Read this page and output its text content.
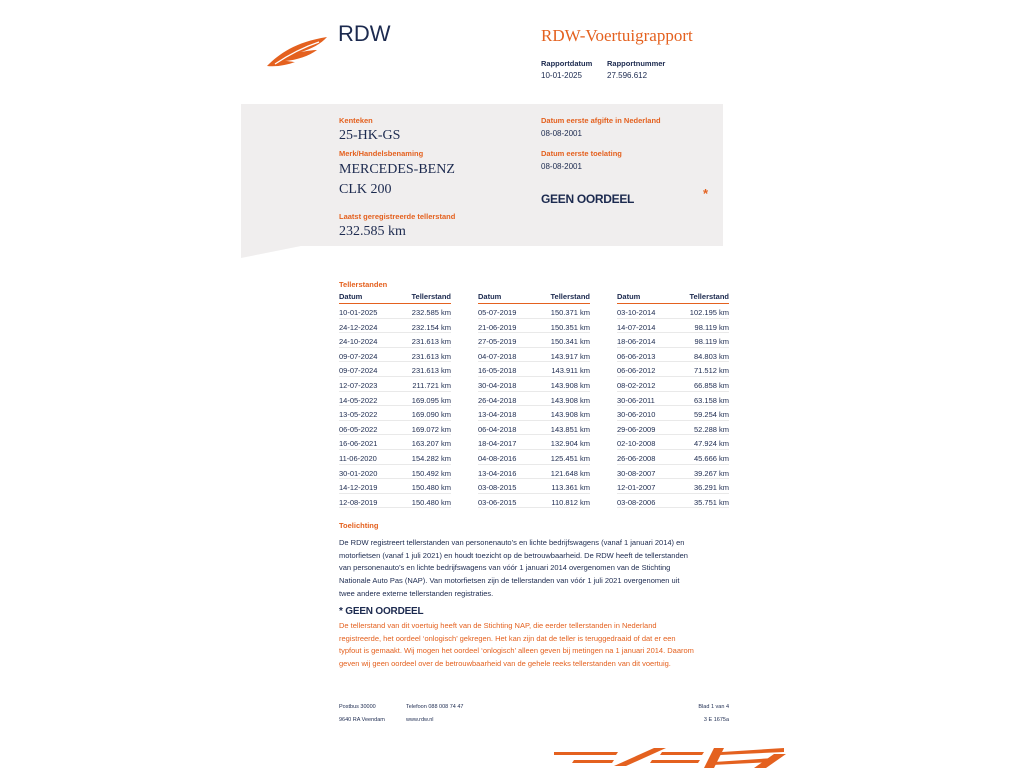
RDW	RDW-Voertuigrapport
Rapportdatum
10-01-2025
Rapportnummer
27.596.612
Kenteken
25-HK-GS
Merk/Handelsbenaming
MERCEDES-BENZ
CLK 200
Laatst geregistreerde tellerstand
232.585 km
Datum eerste afgifte in Nederland
08-08-2001
Datum eerste toelating
08-08-2001
GEEN OORDEEL	*
Tellerstanden
Datum	Tellerstand
10-01-2025	232.585 km
24-12-2024	232.154 km
24-10-2024	231.613 km
09-07-2024	231.613 km
09-07-2024	231.613 km
12-07-2023	211.721 km
14-05-2022	169.095 km
13-05-2022	169.090 km
06-05-2022	169.072 km
16-06-2021	163.207 km
11-06-2020	154.282 km
30-01-2020	150.492 km
14-12-2019	150.480 km
12-08-2019	150.480 km
Datum	Tellerstand
05-07-2019	150.371 km
21-06-2019	150.351 km
27-05-2019	150.341 km
04-07-2018	143.917 km
16-05-2018	143.911 km
30-04-2018	143.908 km
26-04-2018	143.908 km
13-04-2018	143.908 km
06-04-2018	143.851 km
18-04-2017	132.904 km
04-08-2016	125.451 km
13-04-2016	121.648 km
03-08-2015	113.361 km
03-06-2015	110.812 km
Datum	Tellerstand
03-10-2014	102.195 km
14-07-2014	98.119 km
18-06-2014	98.119 km
06-06-2013	84.803 km
06-06-2012	71.512 km
08-02-2012	66.858 km
30-06-2011	63.158 km
30-06-2010	59.254 km
29-06-2009	52.288 km
02-10-2008	47.924 km
26-06-2008	45.666 km
30-08-2007	39.267 km
12-01-2007	36.291 km
03-08-2006	35.751 km
Toelichting
De RDW registreert tellerstanden van personenauto’s en lichte bedrijfswagens (vanaf 1 januari 2014) en
motorfietsen (vanaf 1 juli 2021) en houdt toezicht op de betrouwbaarheid. De RDW heeft de tellerstanden
van personenauto’s en lichte bedrijfswagens van vóór 1 januari 2014 overgenomen van de Stichting
Nationale Auto Pas (NAP). Van motorfietsen zijn de tellerstanden van vóór 1 juli 2021 overgenomen uit
twee andere externe tellerstanden registraties.
* GEEN OORDEEL
De tellerstand van dit voertuig heeft van de Stichting NAP, die eerder tellerstanden in Nederland
registreerde, het oordeel ‘onlogisch’ gekregen. Het kan zijn dat de teller is teruggedraaid of dat er een
typfout is gemaakt. Wij mogen het oordeel ‘onlogisch’ alleen geven bij metingen na 1 januari 2014. Daarom
geven wij geen oordeel over de betrouwbaarheid van de gehele reeks tellerstanden van dit voertuig.
Postbus 30000
9640 RA Veendam
Telefoon 088 008 74 47
www.rdw.nl
Blad 1 van 4
3 E 1675a
